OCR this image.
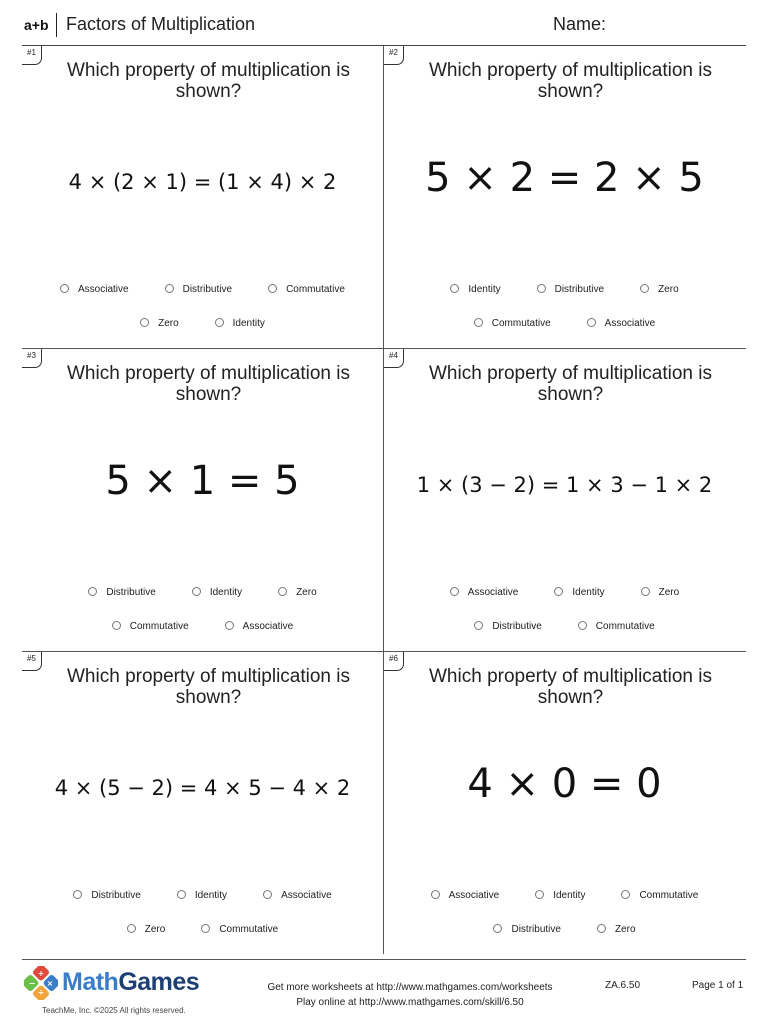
a+b Factors of Multiplication	Name:
#1
Which property of multiplication is shown?
4 × (2 × 1) = (1 × 4) × 2
Associative	Distributive	Commutative
Zero	Identity
#2
Which property of multiplication is shown?
5 × 2 = 2 × 5
Identity	Distributive	Zero
Commutative	Associative
#3
Which property of multiplication is shown?
5 × 1 = 5
Distributive	Identity	Zero
Commutative	Associative
#4
Which property of multiplication is shown?
1 × (3 − 2) = 1 × 3 − 1 × 2
Associative	Identity	Zero
Distributive	Commutative
#5
Which property of multiplication is shown?
4 × (5 − 2) = 4 × 5 − 4 × 2
Distributive	Identity	Associative
Zero	Commutative
#6
Which property of multiplication is shown?
4 × 0 = 0
Associative	Identity	Commutative
Distributive	Zero
+
− ×
÷ MathGames
TeachMe, Inc. ©2025 All rights reserved.
Get more worksheets at http://www.mathgames.com/worksheets
Play online at http://www.mathgames.com/skill/6.50
ZA.6.50	Page 1 of 1
